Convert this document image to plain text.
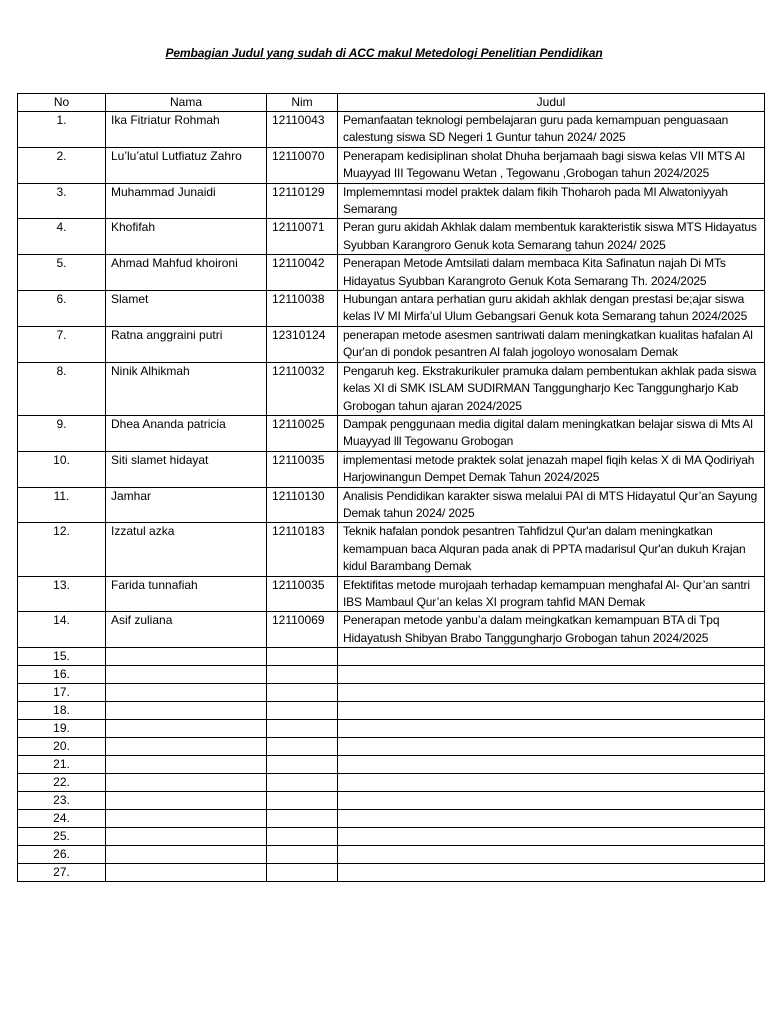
Pembagian Judul yang sudah di ACC makul Metedologi Penelitian Pendidikan
No	Nama	Nim	Judul
1.	Ika Fitriatur Rohmah	12110043	Pemanfaatan teknologi pembelajaran guru pada kemampuan penguasaan calestung siswa SD Negeri 1 Guntur tahun 2024/ 2025
2.	Lu’lu’atul Lutfiatuz Zahro	12110070	Penerapam kedisiplinan sholat Dhuha berjamaah bagi siswa kelas VII MTS Al Muayyad III Tegowanu Wetan , Tegowanu ,Grobogan tahun 2024/2025
3.	Muhammad Junaidi	12110129	Implememntasi model praktek dalam fikih Thoharoh pada MI Alwatoniyyah Semarang
4.	Khofifah	12110071	Peran guru akidah Akhlak dalam membentuk karakteristik siswa MTS Hidayatus Syubban Karangroro Genuk kota Semarang tahun 2024/ 2025
5.	Ahmad Mahfud khoironi	12110042	Penerapan Metode Amtsilati dalam membaca Kita Safinatun najah Di MTs Hidayatus Syubban Karangroto Genuk Kota Semarang Th. 2024/2025
6.	Slamet	12110038	Hubungan antara perhatian guru akidah akhlak dengan prestasi be;ajar siswa kelas IV MI Mirfa’ul Ulum Gebangsari Genuk kota Semarang tahun 2024/2025
7.	Ratna anggraini putri	12310124	penerapan metode asesmen santriwati dalam meningkatkan kualitas hafalan Al Qur'an di pondok pesantren Al falah jogoloyo wonosalam Demak
8.	Ninik Alhikmah	12110032	Pengaruh keg. Ekstrakurikuler pramuka dalam pembentukan akhlak pada siswa kelas XI di SMK ISLAM SUDIRMAN Tanggungharjo Kec Tanggungharjo Kab Grobogan tahun ajaran 2024/2025
9.	Dhea Ananda patricia	12110025	Dampak penggunaan media digital dalam meningkatkan belajar siswa di Mts Al Muayyad lll Tegowanu Grobogan
10.	Siti slamet hidayat	12110035	implementasi metode praktek solat jenazah mapel fiqih kelas X di MA Qodiriyah Harjowinangun Dempet Demak Tahun 2024/2025
11.	Jamhar	12110130	Analisis Pendidikan karakter siswa melalui PAI di MTS Hidayatul Qur’an Sayung Demak tahun 2024/ 2025
12.	Izzatul azka	12110183	Teknik hafalan pondok pesantren Tahfidzul Qur'an dalam meningkatkan kemampuan baca Alquran pada anak di PPTA madarisul Qur'an dukuh Krajan kidul Barambang Demak
13.	Farida tunnafiah	12110035	Efektifitas metode murojaah terhadap kemampuan menghafal Al- Qur’an santri IBS Mambaul Qur’an kelas XI program tahfid MAN Demak
14.	Asif zuliana	12110069	Penerapan metode yanbu’a dalam meingkatkan kemampuan BTA di Tpq Hidayatush Shibyan Brabo Tanggungharjo Grobogan tahun 2024/2025
15.			
16.			
17.			
18.			
19.			
20.			
21.			
22.			
23.			
24.			
25.			
26.			
27.			
